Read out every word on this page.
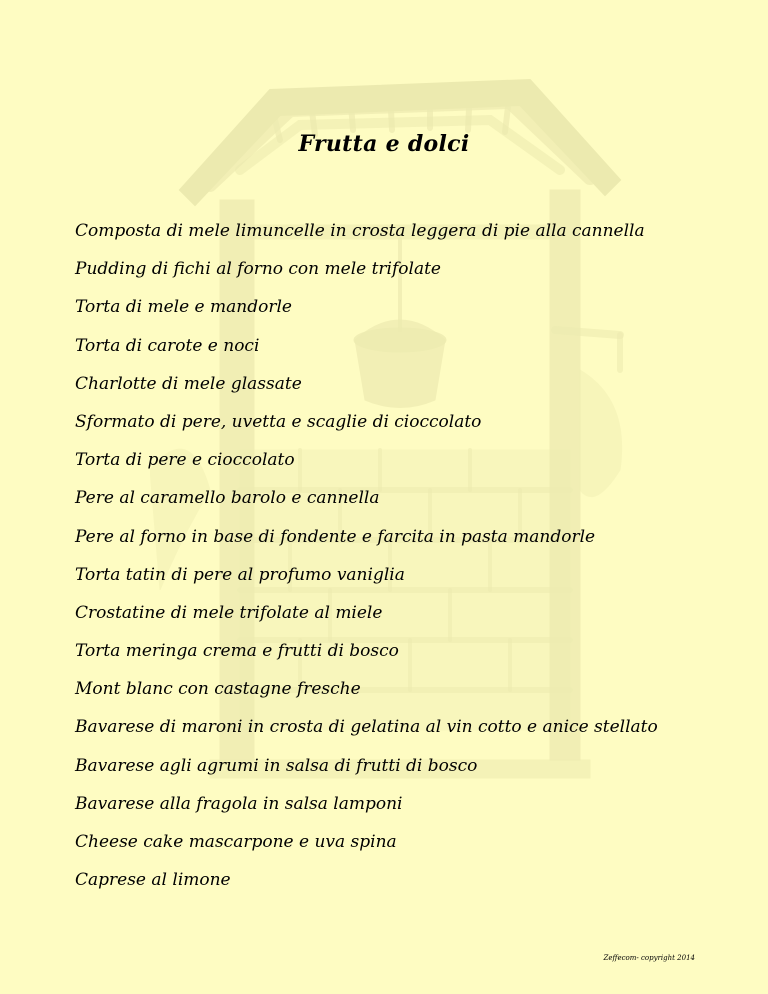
Frutta e dolci
Composta di mele limuncelle in crosta leggera di pie alla cannella
Pudding di fichi al forno con mele trifolate
Torta di mele e mandorle
Torta di carote e noci
Charlotte di mele glassate
Sformato di pere, uvetta e scaglie di cioccolato
Torta di pere e cioccolato
Pere al caramello barolo e cannella
Pere al forno in base di fondente e farcita in pasta mandorle
Torta tatin di pere al profumo vaniglia
Crostatine di mele trifolate al miele
Torta meringa crema e frutti di bosco
Mont blanc con castagne fresche
Bavarese di maroni in crosta di gelatina al vin cotto e anice stellato
Bavarese agli agrumi in salsa di frutti di bosco
Bavarese alla fragola in salsa lamponi
Cheese cake mascarpone e uva spina
Caprese al limone
Zeffecom- copyright 2014
